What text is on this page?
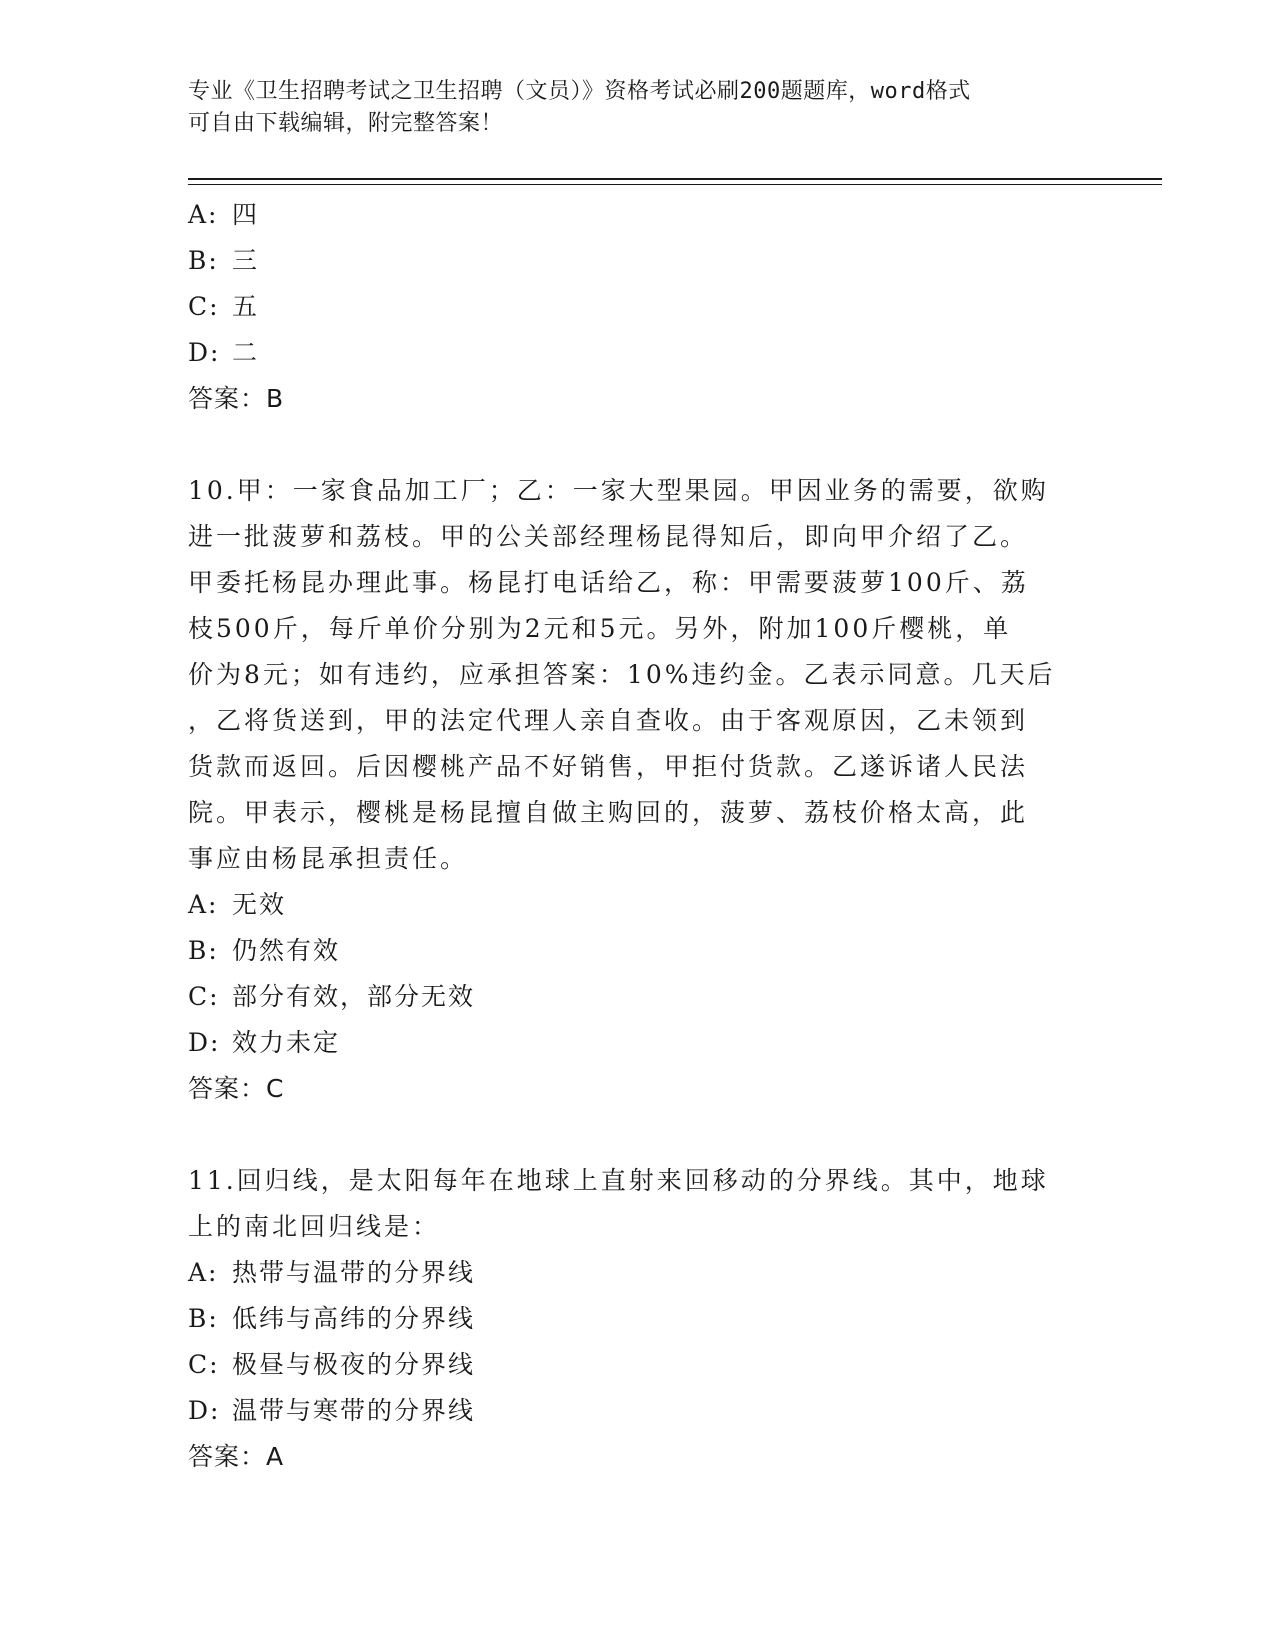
专业《卫生招聘考试之卫生招聘（文员）》资格考试必刷200题题库，word格式
可自由下载编辑，附完整答案！
A: 四
B: 三
C: 五
D: 二
答案：B
10.甲：一家食品加工厂；乙：一家大型果园。甲因业务的需要，欲购
进一批菠萝和荔枝。甲的公关部经理杨昆得知后，即向甲介绍了乙。
甲委托杨昆办理此事。杨昆打电话给乙，称：甲需要菠萝100斤、荔
枝500斤，每斤单价分别为2元和5元。另外，附加100斤樱桃，单
价为8元；如有违约，应承担答案：10%违约金。乙表示同意。几天后
，乙将货送到，甲的法定代理人亲自查收。由于客观原因，乙未领到
货款而返回。后因樱桃产品不好销售，甲拒付货款。乙遂诉诸人民法
院。甲表示，樱桃是杨昆擅自做主购回的，菠萝、荔枝价格太高，此
事应由杨昆承担责任。
A: 无效
B: 仍然有效
C: 部分有效，部分无效
D: 效力未定
答案：C
11.回归线，是太阳每年在地球上直射来回移动的分界线。其中，地球
上的南北回归线是：
A: 热带与温带的分界线
B: 低纬与高纬的分界线
C: 极昼与极夜的分界线
D: 温带与寒带的分界线
答案：A
